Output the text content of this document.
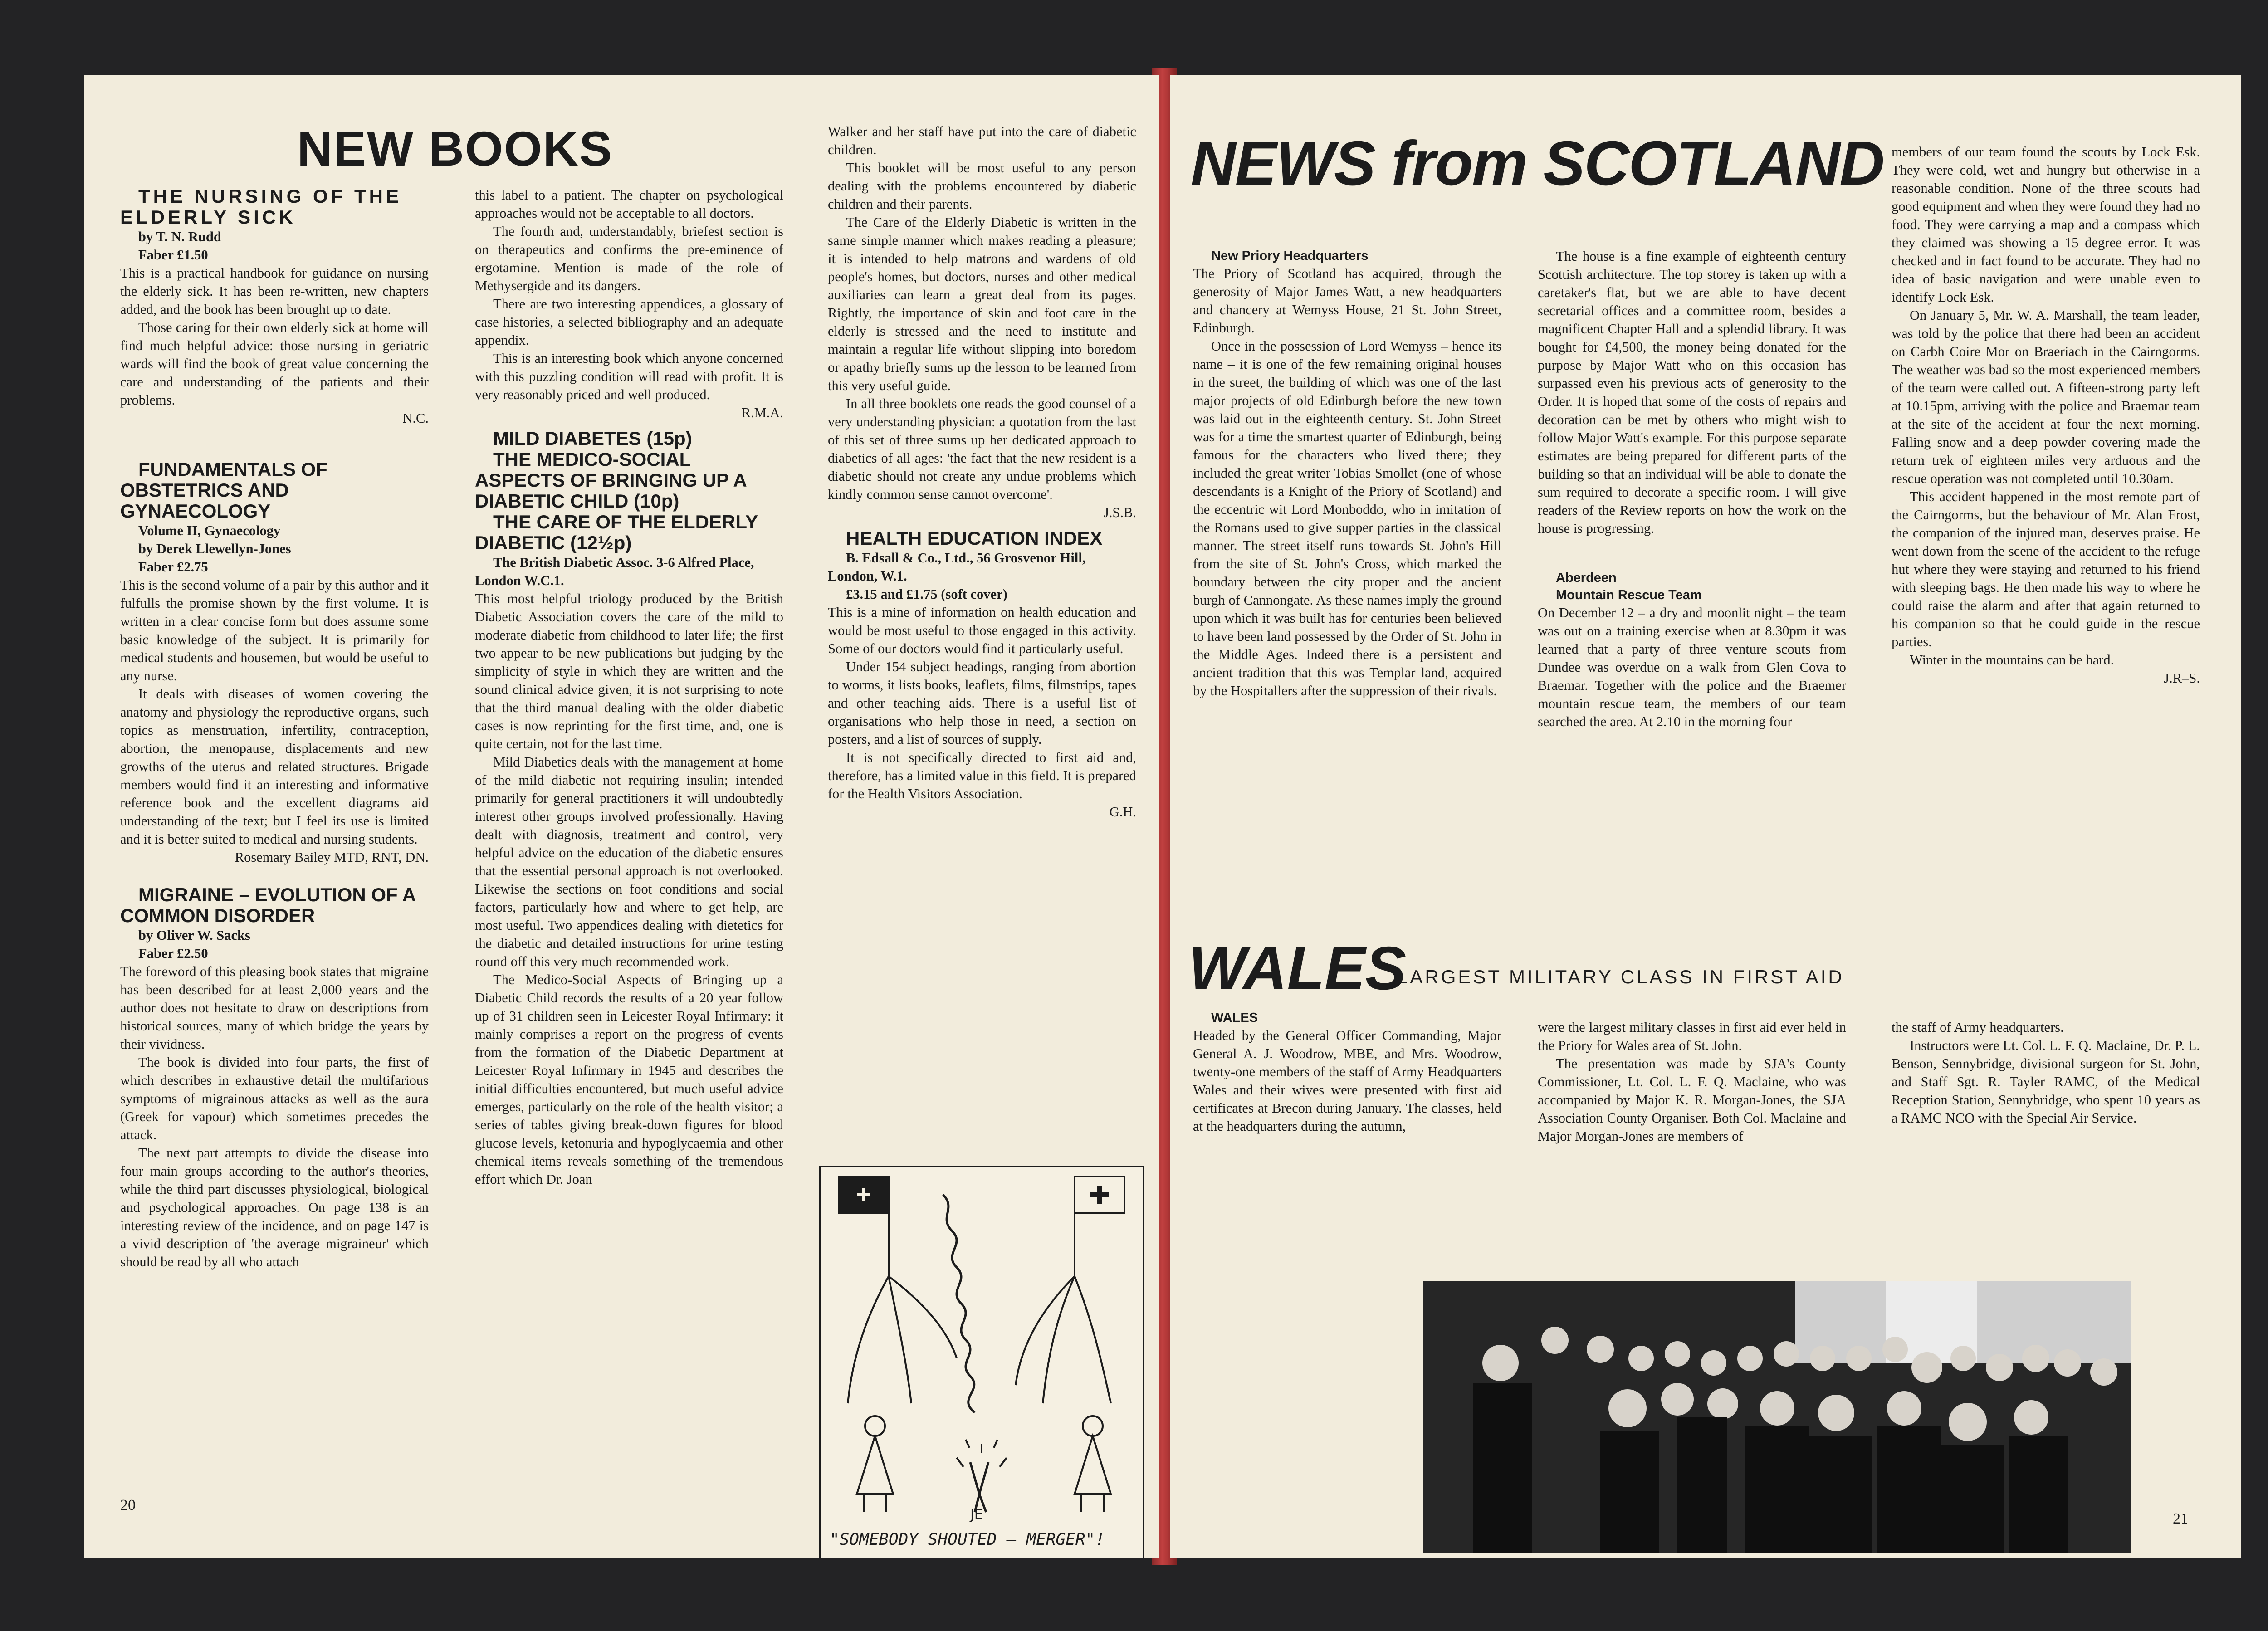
NEW BOOKS

THE NURSING OF THE ELDERLY SICK

by T. N. Rudd

Faber £1.50

This is a practical handbook for guidance on nursing the elderly sick. It has been re-written, new chapters added, and the book has been brought up to date.

Those caring for their own elderly sick at home will find much helpful advice: those nursing in geriatric wards will find the book of great value concerning the care and understanding of the patients and their problems.

N.C.

FUNDAMENTALS OF OBSTETRICS AND GYNAECOLOGY

Volume II, Gynaecology

by Derek Llewellyn-Jones

Faber £2.75

This is the second volume of a pair by this author and it fulfulls the promise shown by the first volume. It is written in a clear concise form but does assume some basic knowledge of the subject. It is primarily for medical students and housemen, but would be useful to any nurse.

It deals with diseases of women covering the anatomy and physiology the reproductive organs, such topics as menstruation, infertility, contraception, abortion, the menopause, displacements and new growths of the uterus and related structures. Brigade members would find it an interesting and informative reference book and the excellent diagrams aid understanding of the text; but I feel its use is limited and it is better suited to medical and nursing students.

Rosemary Bailey MTD, RNT, DN.

MIGRAINE – EVOLUTION OF A COMMON DISORDER

by Oliver W. Sacks

Faber £2.50

The foreword of this pleasing book states that migraine has been described for at least 2,000 years and the author does not hesitate to draw on descriptions from historical sources, many of which bridge the years by their vividness.

The book is divided into four parts, the first of which describes in exhaustive detail the multifarious symptoms of migrainous attacks as well as the aura (Greek for vapour) which sometimes precedes the attack.

The next part attempts to divide the disease into four main groups according to the author's theories, while the third part discusses physiological, biological and psychological approaches. On page 138 is an interesting review of the incidence, and on page 147 is a vivid description of 'the average migraineur' which should be read by all who attach

this label to a patient. The chapter on psychological approaches would not be acceptable to all doctors.

The fourth and, understandably, briefest section is on therapeutics and confirms the pre-eminence of ergotamine. Mention is made of the role of Methysergide and its dangers.

There are two interesting appendices, a glossary of case histories, a selected bibliography and an adequate appendix.

This is an interesting book which anyone concerned with this puzzling condition will read with profit. It is very reasonably priced and well produced.

R.M.A.

MILD DIABETES (15p)

THE MEDICO-SOCIAL ASPECTS OF BRINGING UP A DIABETIC CHILD (10p)

THE CARE OF THE ELDERLY DIABETIC (12½p)

The British Diabetic Assoc. 3-6 Alfred Place, London W.C.1.

This most helpful triology produced by the British Diabetic Association covers the care of the mild to moderate diabetic from childhood to later life; the first two appear to be new publications but judging by the simplicity of style in which they are written and the sound clinical advice given, it is not surprising to note that the third manual dealing with the older diabetic cases is now reprinting for the first time, and, one is quite certain, not for the last time.

Mild Diabetics deals with the management at home of the mild diabetic not requiring insulin; intended primarily for general practitioners it will undoubtedly interest other groups involved professionally. Having dealt with diagnosis, treatment and control, very helpful advice on the education of the diabetic ensures that the essential personal approach is not overlooked. Likewise the sections on foot conditions and social factors, particularly how and where to get help, are most useful. Two appendices dealing with dietetics for the diabetic and detailed instructions for urine testing round off this very much recommended work.

The Medico-Social Aspects of Bringing up a Diabetic Child records the results of a 20 year follow up of 31 children seen in Leicester Royal Infirmary: it mainly comprises a report on the progress of events from the formation of the Diabetic Department at Leicester Royal Infirmary in 1945 and describes the initial difficulties encountered, but much useful advice emerges, particularly on the role of the health visitor; a series of tables giving break-down figures for blood glucose levels, ketonuria and hypoglycaemia and other chemical items reveals something of the tremendous effort which Dr. Joan

Walker and her staff have put into the care of diabetic children.

This booklet will be most useful to any person dealing with the problems encountered by diabetic children and their parents.

The Care of the Elderly Diabetic is written in the same simple manner which makes reading a pleasure; it is intended to help matrons and wardens of old people's homes, but doctors, nurses and other medical auxiliaries can learn a great deal from its pages. Rightly, the importance of skin and foot care in the elderly is stressed and the need to institute and maintain a regular life without slipping into boredom or apathy briefly sums up the lesson to be learned from this very useful guide.

In all three booklets one reads the good counsel of a very understanding physician: a quotation from the last of this set of three sums up her dedicated approach to diabetics of all ages: 'the fact that the new resident is a diabetic should not create any undue problems which kindly common sense cannot overcome'.

J.S.B.

HEALTH EDUCATION INDEX

B. Edsall & Co., Ltd., 56 Grosvenor Hill, London, W.1.

£3.15 and £1.75 (soft cover)

This is a mine of information on health education and would be most useful to those engaged in this activity. Some of our doctors would find it particularly useful.

Under 154 subject headings, ranging from abortion to worms, it lists books, leaflets, films, filmstrips, tapes and other teaching aids. There is a useful list of organisations who help those in need, a section on posters, and a list of sources of supply.

It is not specifically directed to first aid and, therefore, has a limited value in this field. It is prepared for the Health Visitors Association.

G.H.
JE
"SOMEBODY SHOUTED – MERGER"!
20
NEWS from SCOTLAND

New Priory Headquarters

The Priory of Scotland has acquired, through the generosity of Major James Watt, a new headquarters and chancery at Wemyss House, 21 St. John Street, Edinburgh.

Once in the possession of Lord Wemyss – hence its name – it is one of the few remaining original houses in the street, the building of which was one of the last major projects of old Edinburgh before the new town was laid out in the eighteenth century. St. John Street was for a time the smartest quarter of Edinburgh, being famous for the characters who lived there; they included the great writer Tobias Smollet (one of whose descendants is a Knight of the Priory of Scotland) and the eccentric wit Lord Monboddo, who in imitation of the Romans used to give supper parties in the classical manner. The street itself runs towards St. John's Hill from the site of St. John's Cross, which marked the boundary between the city proper and the ancient burgh of Cannongate. As these names imply the ground upon which it was built has for centuries been believed to have been land possessed by the Order of St. John in the Middle Ages. Indeed there is a persistent and ancient tradition that this was Templar land, acquired by the Hospitallers after the suppression of their rivals.

The house is a fine example of eighteenth century Scottish architecture. The top storey is taken up with a caretaker's flat, but we are able to have decent secretarial offices and a committee room, besides a magnificent Chapter Hall and a splendid library. It was bought for £4,500, the money being donated for the purpose by Major Watt who on this occasion has surpassed even his previous acts of generosity to the Order. It is hoped that some of the costs of repairs and decoration can be met by others who might wish to follow Major Watt's example. For this purpose separate estimates are being prepared for different parts of the building so that an individual will be able to donate the sum required to decorate a specific room. I will give readers of the Review reports on how the work on the house is progressing.

Aberdeen

Mountain Rescue Team

On December 12 – a dry and moonlit night – the team was out on a training exercise when at 8.30pm it was learned that a party of three venture scouts from Dundee was overdue on a walk from Glen Cova to Braemar. Together with the police and the Braemer mountain rescue team, the members of our team searched the area. At 2.10 in the morning four

members of our team found the scouts by Lock Esk. They were cold, wet and hungry but otherwise in a reasonable condition. None of the three scouts had good equipment and when they were found they had no food. They were carrying a map and a compass which they claimed was showing a 15 degree error. It was checked and in fact found to be accurate. They had no idea of basic navigation and were unable even to identify Lock Esk.

On January 5, Mr. W. A. Marshall, the team leader, was told by the police that there had been an accident on Carbh Coire Mor on Braeriach in the Cairngorms. The weather was bad so the most experienced members of the team were called out. A fifteen-strong party left at 10.15pm, arriving with the police and Braemar team at the site of the accident at four the next morning. Falling snow and a deep powder covering made the return trek of eighteen miles very arduous and the rescue operation was not completed until 10.30am.

This accident happened in the most remote part of the Cairngorms, but the behaviour of Mr. Alan Frost, the companion of the injured man, deserves praise. He went down from the scene of the accident to the refuge hut where they were staying and returned to his friend with sleeping bags. He then made his way to where he could raise the alarm and after that again returned to his companion so that he could guide in the rescue parties.

Winter in the mountains can be hard.

J.R–S.
WALES
LARGEST MILITARY CLASS IN FIRST AID

WALES

Headed by the General Officer Commanding, Major General A. J. Woodrow, MBE, and Mrs. Woodrow, twenty-one members of the staff of Army Headquarters Wales and their wives were presented with first aid certificates at Brecon during January. The classes, held at the headquarters during the autumn,

were the largest military classes in first aid ever held in the Priory for Wales area of St. John.

The presentation was made by SJA's County Commissioner, Lt. Col. L. F. Q. Maclaine, who was accompanied by Major K. R. Morgan-Jones, the SJA Association County Organiser. Both Col. Maclaine and Major Morgan-Jones are members of

the staff of Army headquarters.

Instructors were Lt. Col. L. F. Q. Maclaine, Dr. P. L. Benson, Sennybridge, divisional surgeon for St. John, and Staff Sgt. R. Tayler RAMC, of the Medical Reception Station, Sennybridge, who spent 10 years as a RAMC NCO with the Special Air Service.

21
